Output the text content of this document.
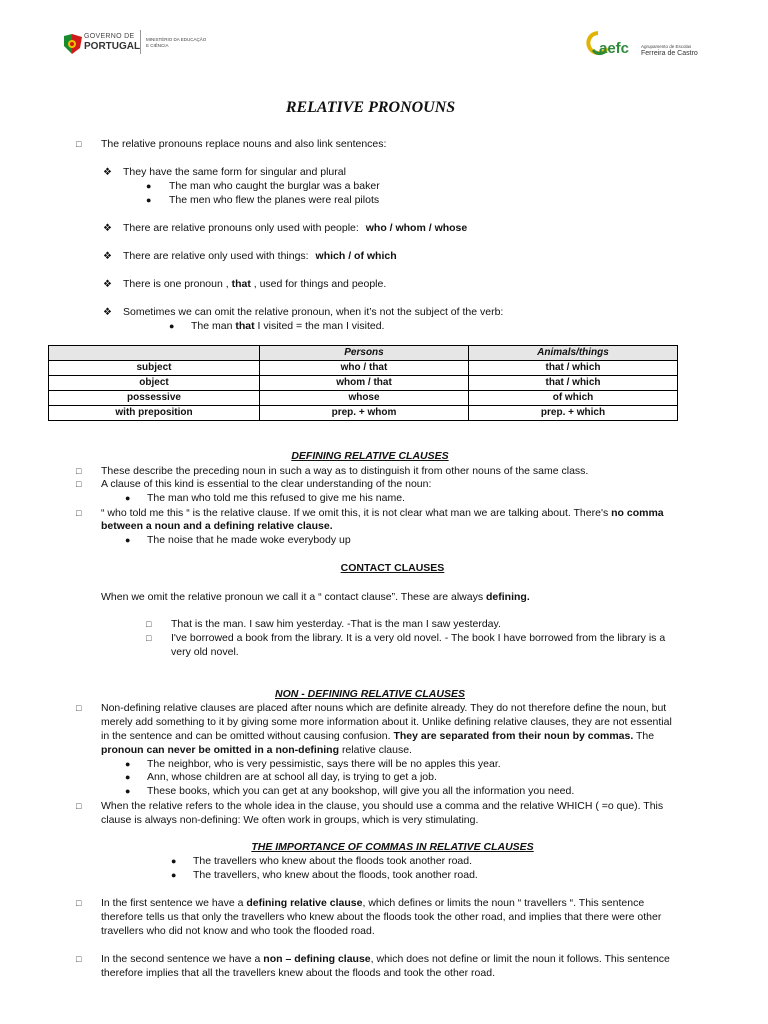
GOVERNO DE
PORTUGAL
MINISTÉRIO DA EDUCAÇÃO
E CIÊNCIA	aefc	Agrupamento de Escolas
Ferreira de Castro
RELATIVE PRONOUNS
□ The relative pronouns replace nouns and also link sentences:
❖ They have the same form for singular and plural
● The man who caught the burglar was a baker
● The men who flew the planes were real pilots
❖ There are relative pronouns only used with people: who / whom / whose
❖ There are relative only used with things: which / of which
❖ There is one pronoun , that , used for things and people.
❖ Sometimes we can omit the relative pronoun, when it’s not the subject of the verb:
● The man that I visited = the man I visited.
	Persons	Animals/things
subject	who / that	that / which
object	whom / that	that / which
possessive	whose	of which
with preposition	prep. + whom	prep. + which
DEFINING RELATIVE CLAUSES
□ These describe the preceding noun in such a way as to distinguish it from other nouns of the same class.
□ A clause of this kind is essential to the clear understanding of the noun:
● The man who told me this refused to give me his name.
□ “ who told me this “ is the relative clause. If we omit this, it is not clear what man we are talking about. There's no comma
between a noun and a defining relative clause.
● The noise that he made woke everybody up
CONTACT CLAUSES
When we omit the relative pronoun we call it a “ contact clause”. These are always defining.
□ That is the man. I saw him yesterday. -That is the man I saw yesterday.
□ I've borrowed a book from the library. It is a very old novel. - The book I have borrowed from the library is a
very old novel.
NON - DEFINING RELATIVE CLAUSES
□ Non-defining relative clauses are placed after nouns which are definite already. They do not therefore define the noun, but
merely add something to it by giving some more information about it. Unlike defining relative clauses, they are not essential
in the sentence and can be omitted without causing confusion. They are separated from their noun by commas. The
pronoun can never be omitted in a non-defining relative clause.
● The neighbor, who is very pessimistic, says there will be no apples this year.
● Ann, whose children are at school all day, is trying to get a job.
● These books, which you can get at any bookshop, will give you all the information you need.
□ When the relative refers to the whole idea in the clause, you should use a comma and the relative WHICH ( =o que). This
clause is always non-defining: We often work in groups, which is very stimulating.
THE IMPORTANCE OF COMMAS IN RELATIVE CLAUSES
● The travellers who knew about the floods took another road.
● The travellers, who knew about the floods, took another road.
□ In the first sentence we have a defining relative clause, which defines or limits the noun “ travellers “. This sentence
therefore tells us that only the travellers who knew about the floods took the other road, and implies that there were other
travellers who did not know and who took the flooded road.
□ In the second sentence we have a non – defining clause, which does not define or limit the noun it follows. This sentence
therefore implies that all the travellers knew about the floods and took the other road.
